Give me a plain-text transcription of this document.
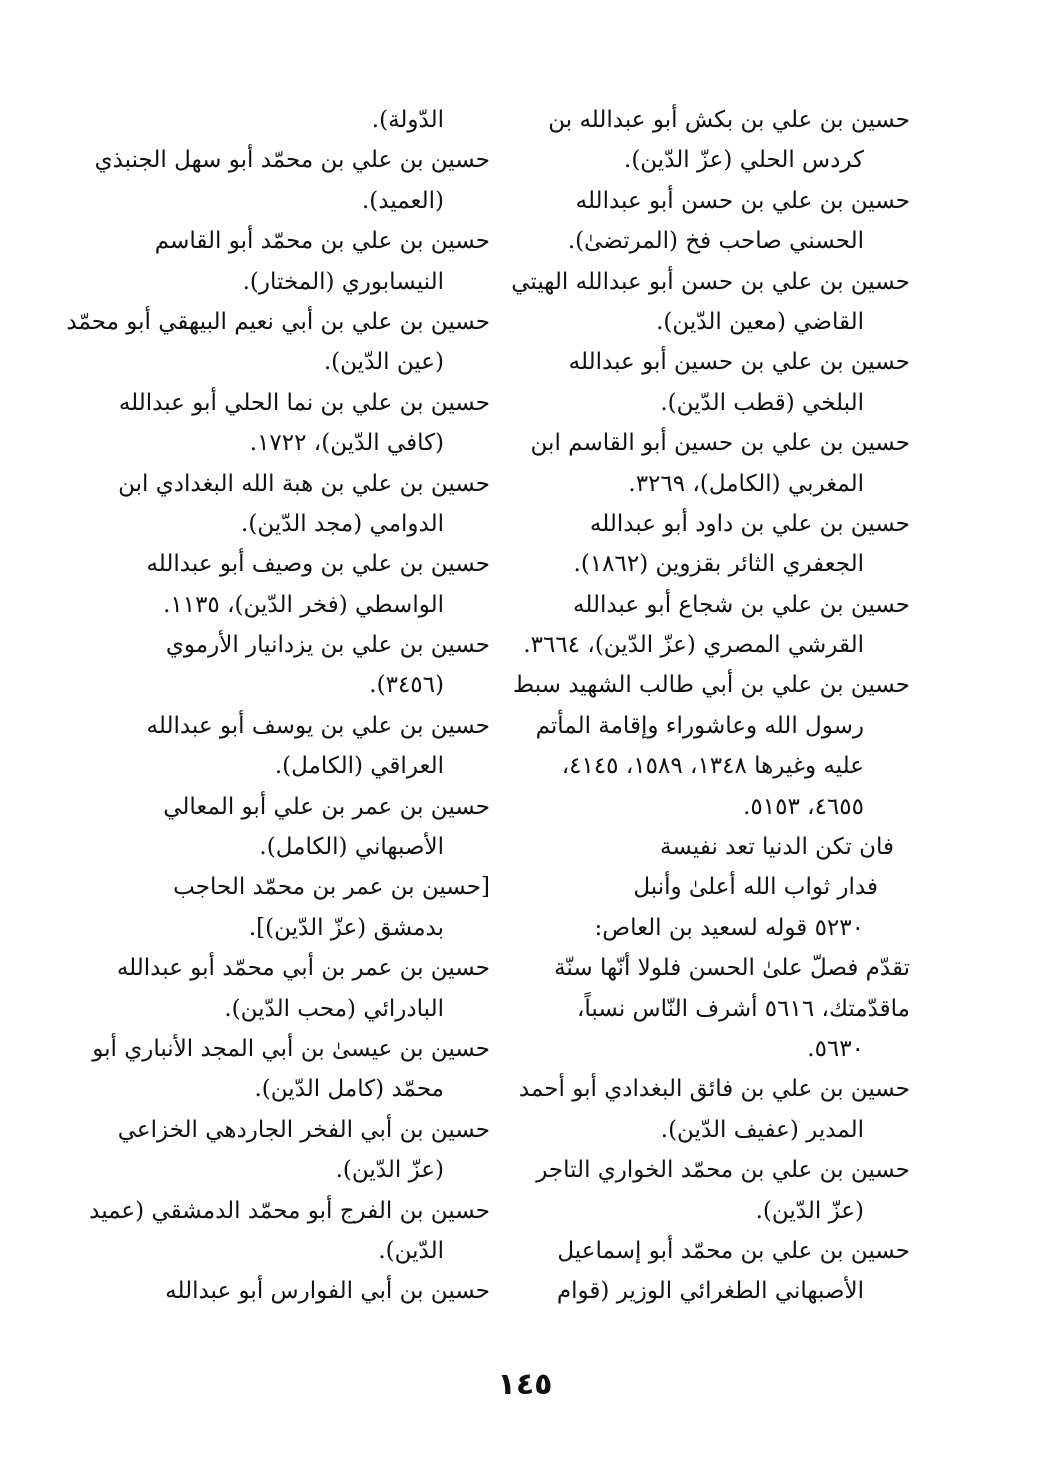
حسين بن علي بن بكش أبو عبدالله بن
كردس الحلي (عزّ الدّين).
حسين بن علي بن حسن أبو عبدالله
الحسني صاحب فخ (المرتضىٰ).
حسين بن علي بن حسن أبو عبدالله الهيتي
القاضي (معين الدّين).
حسين بن علي بن حسين أبو عبدالله
البلخي (قطب الدّين).
حسين بن علي بن حسين أبو القاسم ابن
المغربي (الكامل)، ٣٢٦٩.
حسين بن علي بن داود أبو عبدالله
الجعفري الثائر بقزوين (١٨٦٢).
حسين بن علي بن شجاع أبو عبدالله
القرشي المصري (عزّ الدّين)، ٣٦٦٤.
حسين بن علي بن أبي طالب الشهيد سبط
رسول الله وعاشوراء وإقامة المأتم
عليه وغيرها ١٣٤٨، ١٥٨٩، ٤١٤٥،
٤٦٥٥، ٥١٥٣.
فان تكن الدنيا تعد نفيسة
فدار ثواب الله أعلىٰ وأنبل
٥٢٣٠ قوله لسعيد بن العاص:
تقدّم فصلّ علىٰ الحسن فلولا أنّها سنّة
ماقدّمتك، ٥٦١٦ أشرف النّاس نسباً،
٥٦٣٠.
حسين بن علي بن فائق البغدادي أبو أحمد
المدير (عفيف الدّين).
حسين بن علي بن محمّد الخواري التاجر
(عزّ الدّين).
حسين بن علي بن محمّد أبو إسماعيل
الأصبهاني الطغرائي الوزير (قوام
الدّولة).
حسين بن علي بن محمّد أبو سهل الجنبذي
(العميد).
حسين بن علي بن محمّد أبو القاسم
النيسابوري (المختار).
حسين بن علي بن أبي نعيم البيهقي أبو محمّد
(عين الدّين).
حسين بن علي بن نما الحلي أبو عبدالله
(كافي الدّين)، ١٧٢٢.
حسين بن علي بن هبة الله البغدادي ابن
الدوامي (مجد الدّين).
حسين بن علي بن وصيف أبو عبدالله
الواسطي (فخر الدّين)، ١١٣٥.
حسين بن علي بن يزدانيار الأرموي
(٣٤٥٦).
حسين بن علي بن يوسف أبو عبدالله
العراقي (الكامل).
حسين بن عمر بن علي أبو المعالي
الأصبهاني (الكامل).
[حسين بن عمر بن محمّد الحاجب
بدمشق (عزّ الدّين)].
حسين بن عمر بن أبي محمّد أبو عبدالله
البادرائي (محب الدّين).
حسين بن عيسىٰ بن أبي المجد الأنباري أبو
محمّد (كامل الدّين).
حسين بن أبي الفخر الجاردهي الخزاعي
(عزّ الدّين).
حسين بن الفرج أبو محمّد الدمشقي (عميد
الدّين).
حسين بن أبي الفوارس أبو عبدالله
١٤٥
